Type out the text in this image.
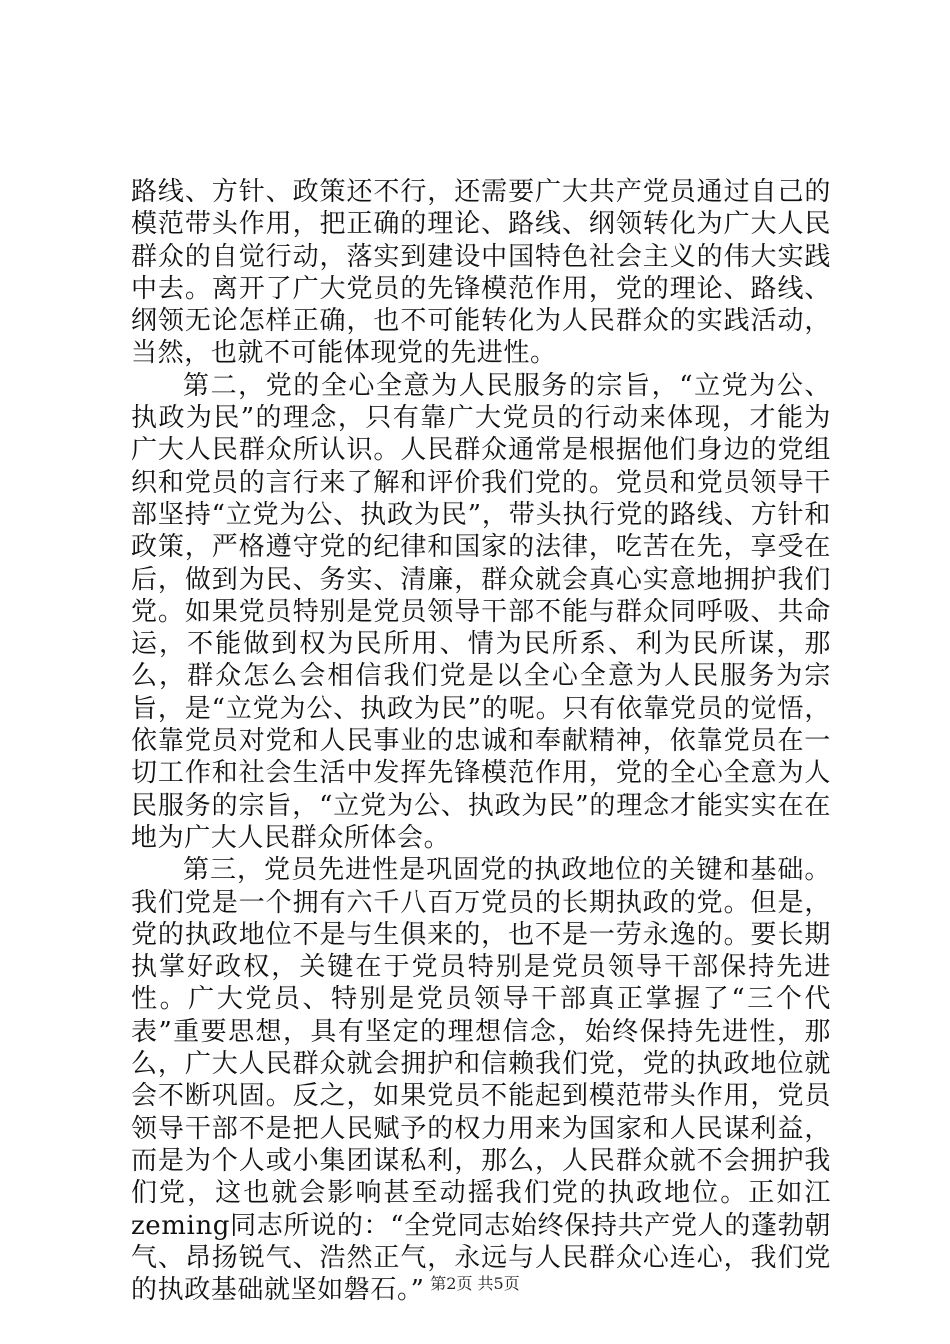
路线、方针、政策还不行，还需要广大共产党员通过自己的模范带头作用，把正确的理论、路线、纲领转化为广大人民群众的自觉行动，落实到建设中国特色社会主义的伟大实践中去。离开了广大党员的先锋模范作用，党的理论、路线、纲领无论怎样正确，也不可能转化为人民群众的实践活动，当然，也就不可能体现党的先进性。

第二，党的全心全意为人民服务的宗旨，“立党为公、执政为民”的理念，只有靠广大党员的行动来体现，才能为广大人民群众所认识。人民群众通常是根据他们身边的党组织和党员的言行来了解和评价我们党的。党员和党员领导干部坚持“立党为公、执政为民”，带头执行党的路线、方针和政策，严格遵守党的纪律和国家的法律，吃苦在先，享受在后，做到为民、务实、清廉，群众就会真心实意地拥护我们党。如果党员特别是党员领导干部不能与群众同呼吸、共命运，不能做到权为民所用、情为民所系、利为民所谋，那么，群众怎么会相信我们党是以全心全意为人民服务为宗旨，是“立党为公、执政为民”的呢。只有依靠党员的觉悟，依靠党员对党和人民事业的忠诚和奉献精神，依靠党员在一切工作和社会生活中发挥先锋模范作用，党的全心全意为人民服务的宗旨，“立党为公、执政为民”的理念才能实实在在地为广大人民群众所体会。

第三，党员先进性是巩固党的执政地位的关键和基础。我们党是一个拥有六千八百万党员的长期执政的党。但是，党的执政地位不是与生俱来的，也不是一劳永逸的。要长期执掌好政权，关键在于党员特别是党员领导干部保持先进性。广大党员、特别是党员领导干部真正掌握了“三个代表”重要思想，具有坚定的理想信念，始终保持先进性，那么，广大人民群众就会拥护和信赖我们党，党的执政地位就会不断巩固。反之，如果党员不能起到模范带头作用，党员领导干部不是把人民赋予的权力用来为国家和人民谋利益，而是为个人或小集团谋私利，那么，人民群众就不会拥护我们党，这也就会影响甚至动摇我们党的执政地位。正如江zeming同志所说的：“全党同志始终保持共产党人的蓬勃朝气、昂扬锐气、浩然正气，永远与人民群众心连心，我们党的执政基础就坚如磐石。” 第2页 共5页
